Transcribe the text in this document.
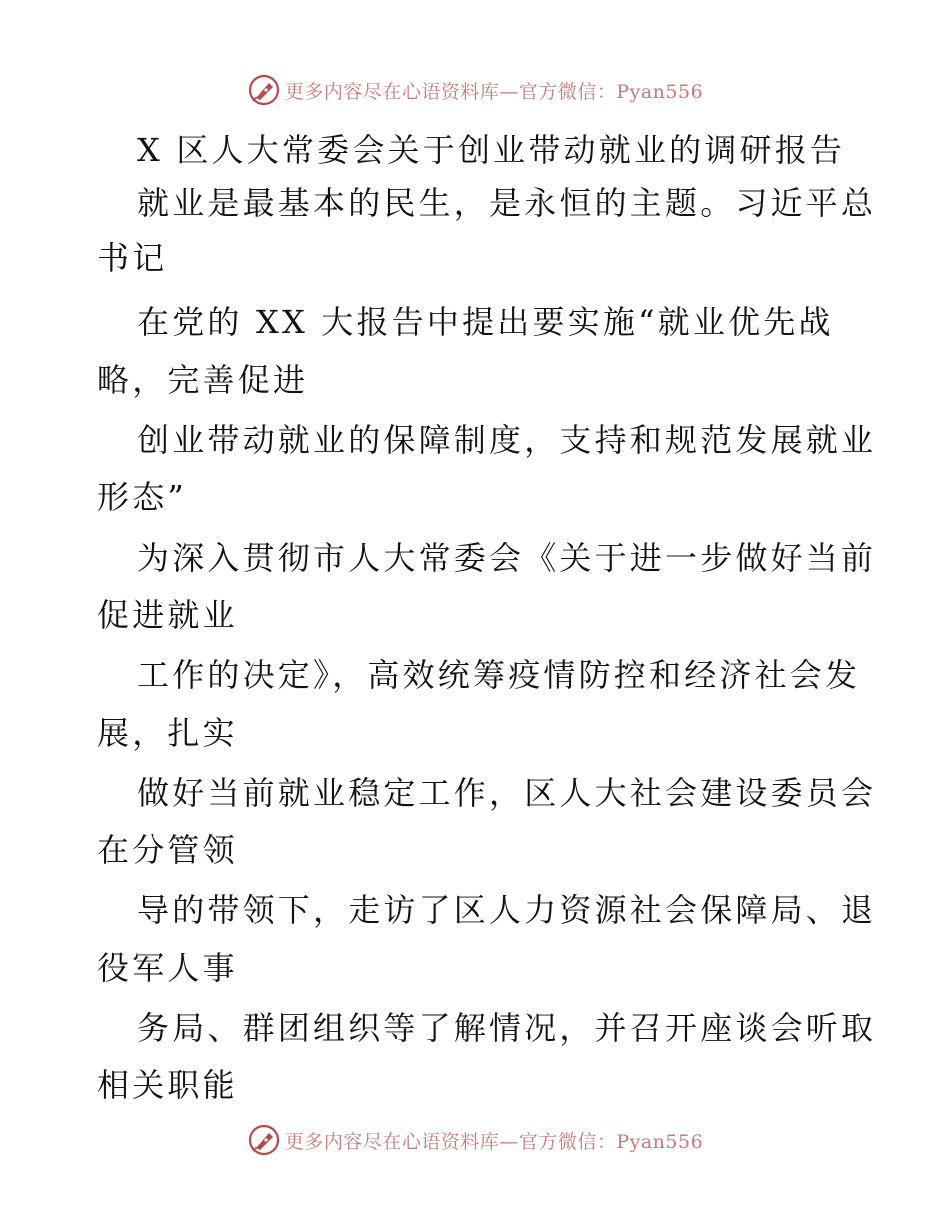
更多内容尽在心语资料库—官方微信：Pyan556
X 区人大常委会关于创业带动就业的调研报告
就业是最基本的民生，是永恒的主题。习近平总
书记
在党的 XX 大报告中提出要实施“就业优先战
略，完善促进
创业带动就业的保障制度，支持和规范发展就业
形态”
为深入贯彻市人大常委会《关于进一步做好当前
促进就业
工作的决定》，高效统筹疫情防控和经济社会发
展，扎实
做好当前就业稳定工作，区人大社会建设委员会
在分管领
导的带领下，走访了区人力资源社会保障局、退
役军人事
务局、群团组织等了解情况，并召开座谈会听取
相关职能
更多内容尽在心语资料库—官方微信：Pyan556
